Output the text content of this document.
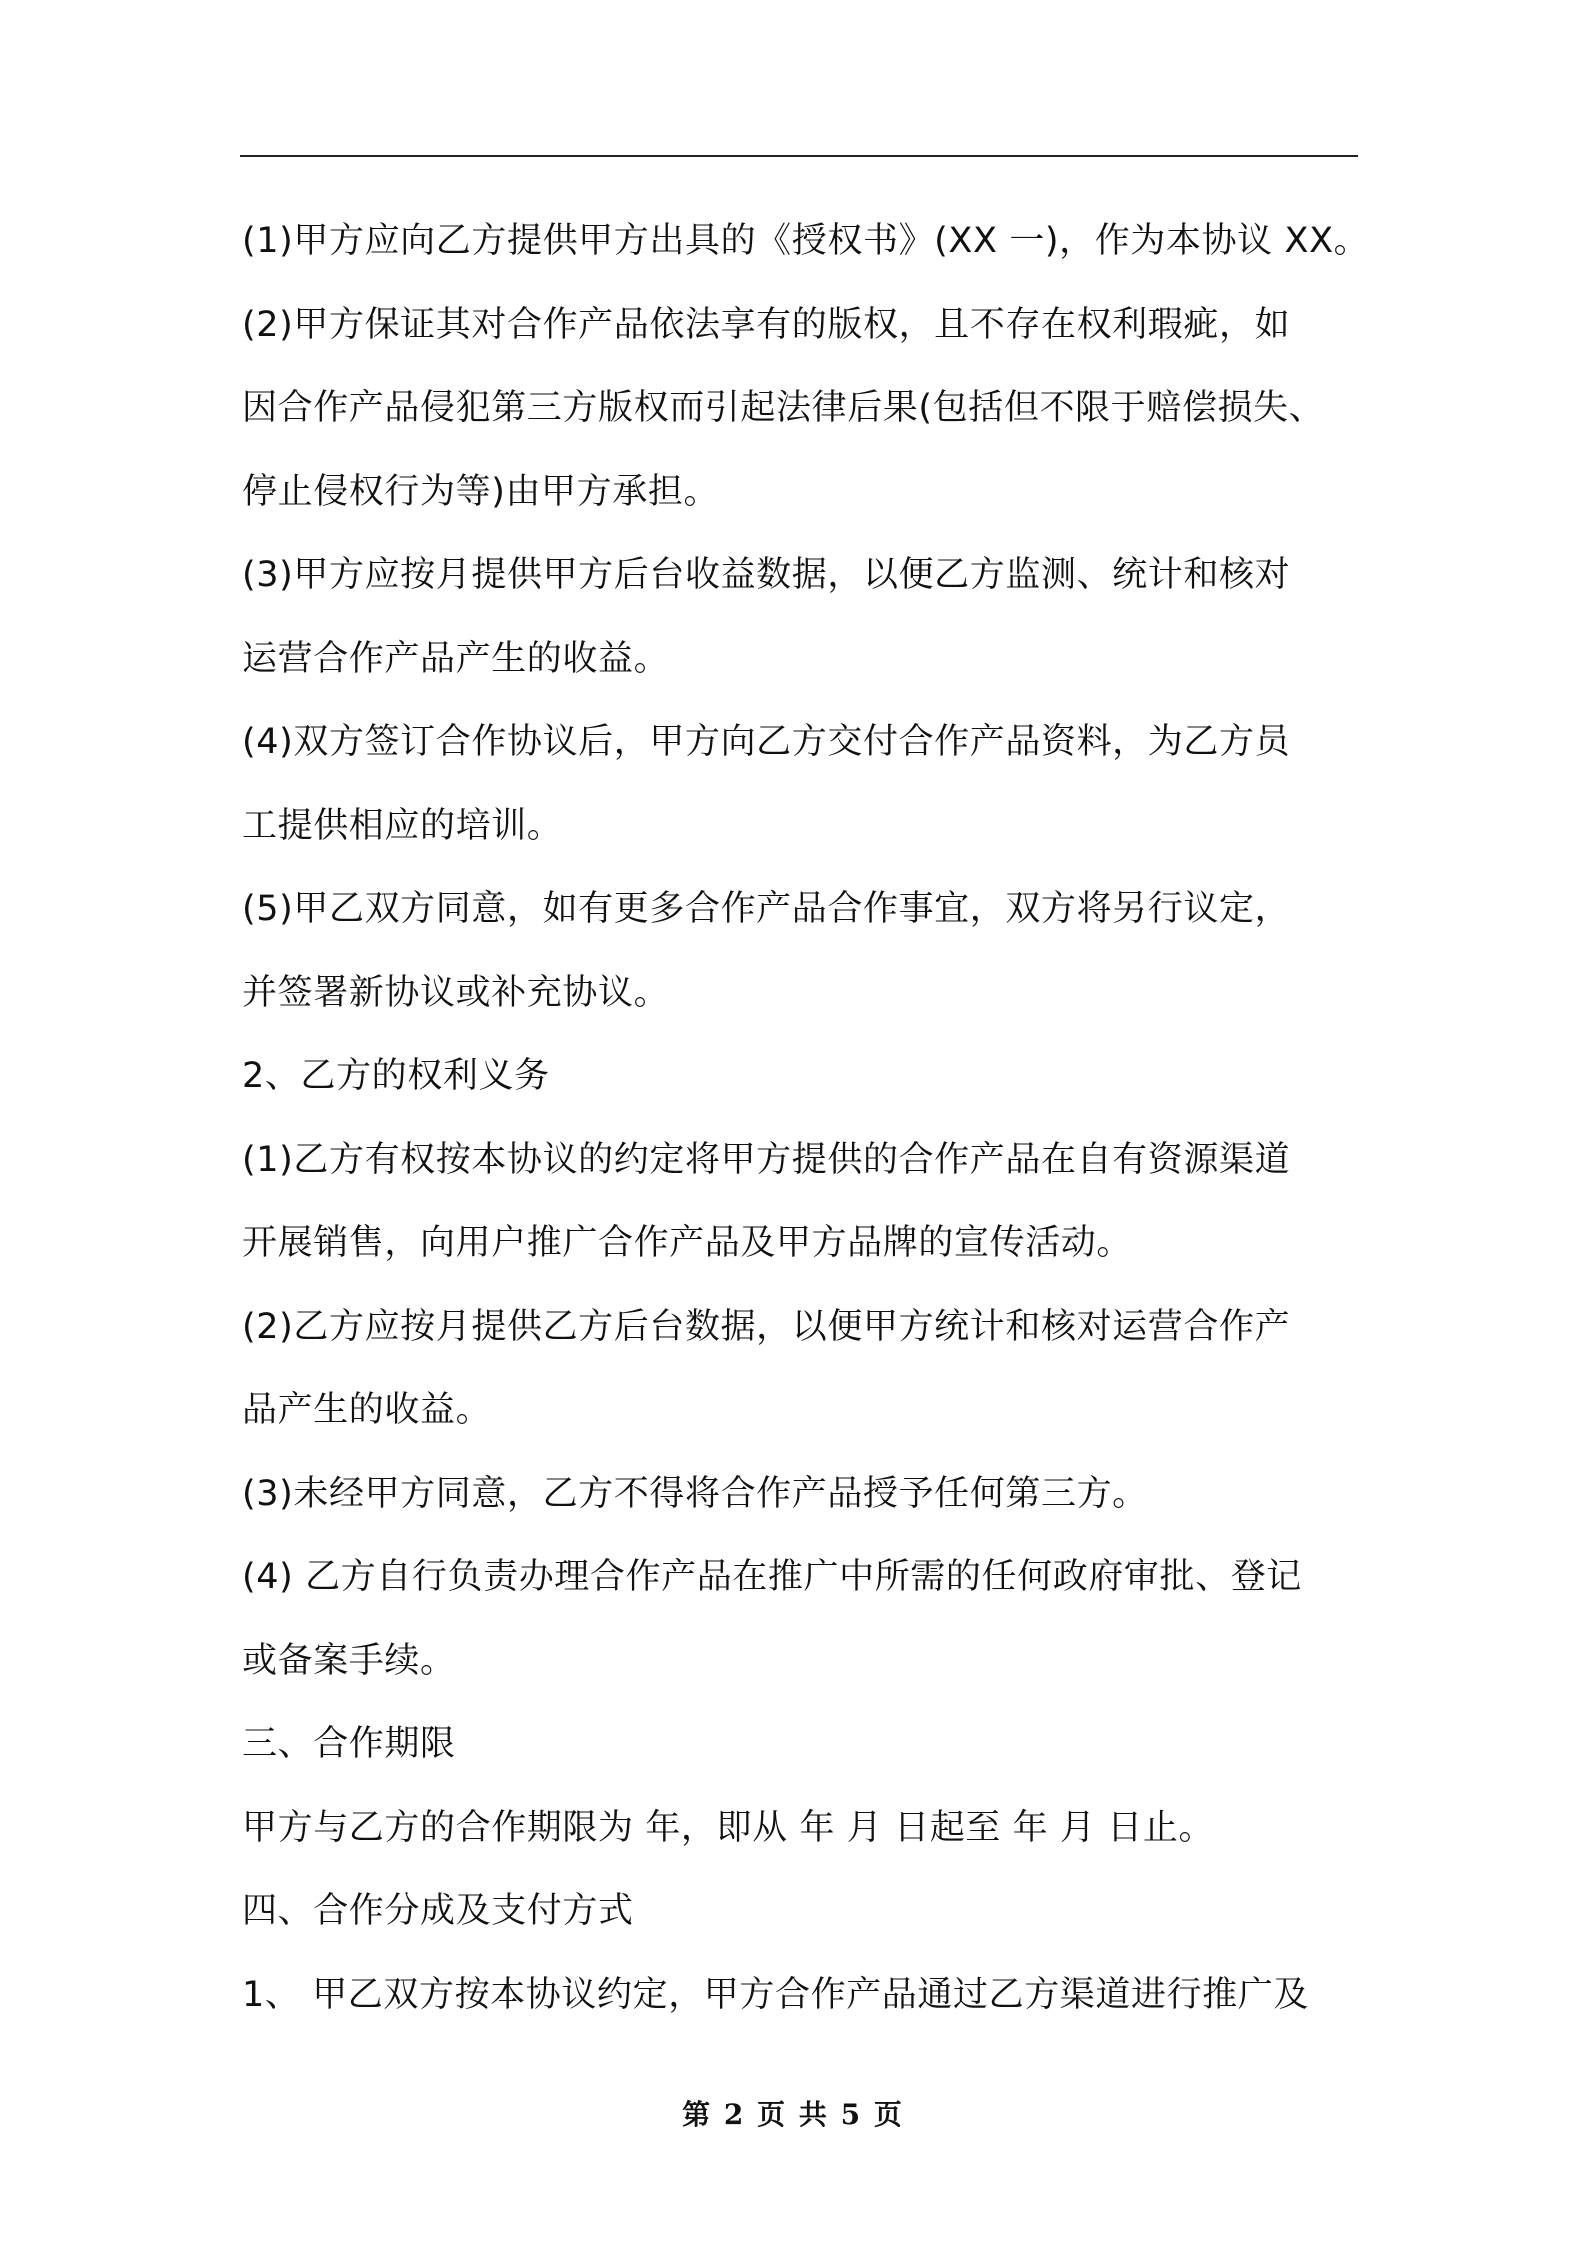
(1)甲方应向乙方提供甲方出具的《授权书》(XX 一)，作为本协议 XX。
(2)甲方保证其对合作产品依法享有的版权，且不存在权利瑕疵，如
因合作产品侵犯第三方版权而引起法律后果(包括但不限于赔偿损失、
停止侵权行为等)由甲方承担。
(3)甲方应按月提供甲方后台收益数据，以便乙方监测、统计和核对
运营合作产品产生的收益。
(4)双方签订合作协议后，甲方向乙方交付合作产品资料，为乙方员
工提供相应的培训。
(5)甲乙双方同意，如有更多合作产品合作事宜，双方将另行议定，
并签署新协议或补充协议。
2、乙方的权利义务
(1)乙方有权按本协议的约定将甲方提供的合作产品在自有资源渠道
开展销售，向用户推广合作产品及甲方品牌的宣传活动。
(2)乙方应按月提供乙方后台数据，以便甲方统计和核对运营合作产
品产生的收益。
(3)未经甲方同意，乙方不得将合作产品授予任何第三方。
(4) 乙方自行负责办理合作产品在推广中所需的任何政府审批、登记
或备案手续。
三、合作期限
甲方与乙方的合作期限为 年，即从 年 月 日起至 年 月 日止。
四、合作分成及支付方式
1、 甲乙双方按本协议约定，甲方合作产品通过乙方渠道进行推广及
第 2 页 共 5 页
